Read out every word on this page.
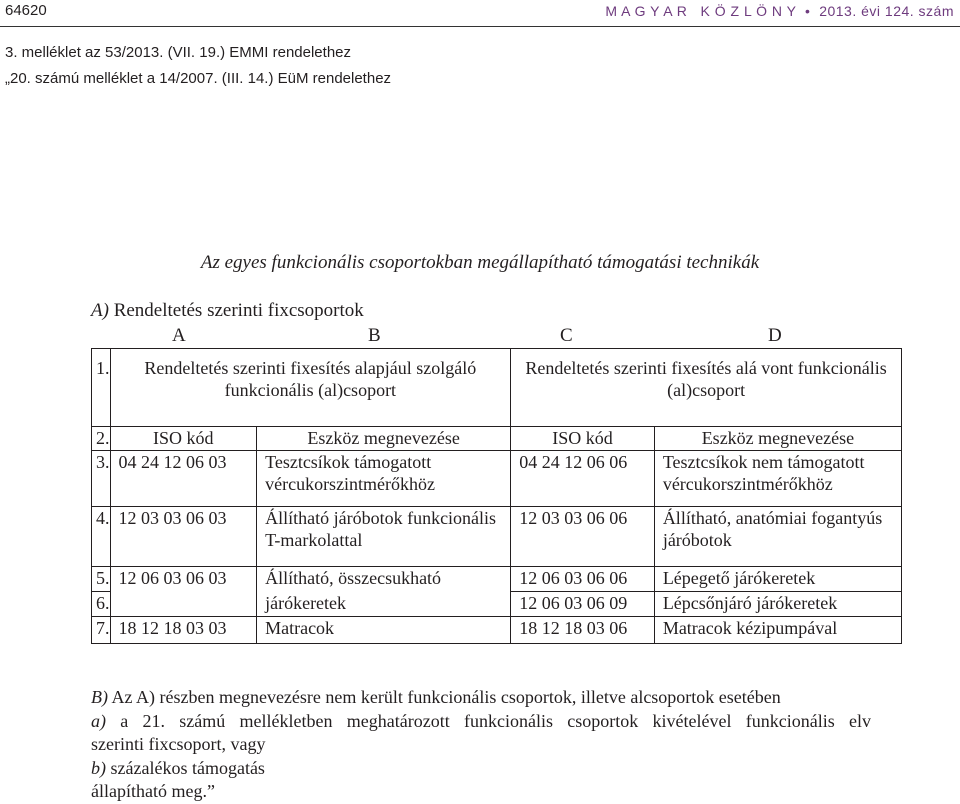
64620	M A G Y A R   K Ö Z L Ö N Y  •  2013. évi 124. szám
3. melléklet az 53/2013. (VII. 19.) EMMI rendelethez
„20. számú melléklet a 14/2007. (III. 14.) EüM rendelethez
Az egyes funkcionális csoportokban megállapítható támogatási technikák
A) Rendeltetés szerinti fixcsoportok
A	B	C	D
1.	Rendeltetés szerinti fixesítés alapjául szolgáló funkcionális (al)csoport		Rendeltetés szerinti fixesítés alá vont funkcionális (al)csoport	
2.	ISO kód	Eszköz megnevezése	ISO kód	Eszköz megnevezése
3.	04 24 12 06 03	Tesztcsíkok támogatott vércukorszintmérőkhöz	04 24 12 06 06	Tesztcsíkok nem támogatott vércukorszintmérőkhöz
4.	12 03 03 06 03	Állítható járóbotok funkcionális T-markolattal	12 03 03 06 06	Állítható, anatómiai fogantyús járóbotok
5.	12 06 03 06 03	Állítható, összecsukható	12 06 03 06 06	Lépegető járókeretek
6.		járókeretek	12 06 03 06 09	Lépcsőnjáró járókeretek
7.	18 12 18 03 03	Matracok	18 12 18 03 06	Matracok kézipumpával

B) Az A) részben megnevezésre nem került funkcionális csoportok, illetve alcsoportok esetében

a) a 21. számú mellékletben meghatározott funkcionális csoportok kivételével funkcionális elv

szerinti fixcsoport, vagy

b) százalékos támogatás

állapítható meg.”
